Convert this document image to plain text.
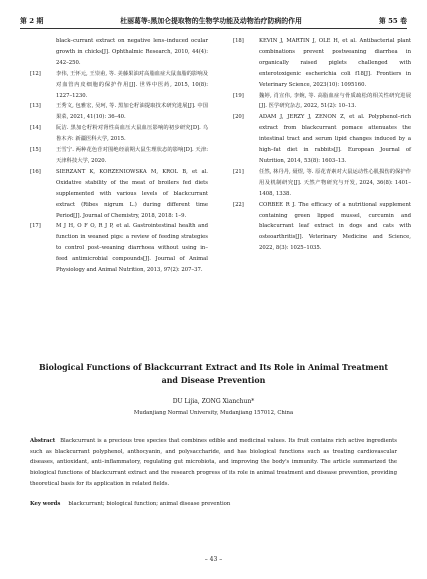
第 2 期	杜丽葛等:黑加仑提取物的生物学功能及动物治疗防病的作用	第 55 卷
black–currant extract on negative lens–induced ocular growth in chicks[J]. Ophthalmic Research, 2010, 44(4): 242–250.
[12]	李伟, 王怀元, 王崇甫, 等. 美藤果油对高脂血症大鼠血脂的影响及对血管内皮细胞的保护作用[J]. 世界中医药, 2015, 10(8): 1227–1230.
[13]	王秀文, 包雅宏, 吴珂, 等. 黑加仑籽油提取技术研究进展[J]. 中国果菜, 2021, 41(10): 36–40.
[14]	阮洁. 黑加仑籽粉对肾性高血压大鼠血压影响的初步研究[D]. 乌鲁木齐: 新疆医科大学, 2015.
[15]	王雪宁. 两种花色苷对围绝经前期大鼠生理状态的影响[D]. 天津: 天津科技大学, 2020.
[16]	SIERZANT K, KORZENIOWSKA M, KROL B, et al. Oxidative stability of the meat of broilers fed diets supplemented with various levels of blackcurrant extract (Ribes nigrum L.) during different time Period[J]. Journal of Chemistry, 2018, 2018: 1–9.
[17]	M J H, O F O, R J P, et al. Gastrointestinal health and function in weaned pigs: a review of feeding strategies to control post–weaning diarrhoea without using in–feed antimicrobial compounds[J]. Journal of Animal Physiology and Animal Nutrition, 2013, 97(2): 207–37.
[18]	KEVIN J, MARTIN J, OLE H, et al. Antibacterial plant combinations prevent postweaning diarrhea in organically raised piglets challenged with enterotoxigenic escherichia coli f18[J]. Frontiers in Veterinary Science, 2023(10): 1095160.
[19]	魏婷, 肖宣伟, 李婉, 等. 高脂血症与骨质疏松的相关性研究进展[J]. 医学研究杂志, 2022, 51(2): 10–13.
[20]	ADAM J, JERZY J, ZENON Z, et al. Polyphenol–rich extract from blackcurrant pomace attenuates the intestinal tract and serum lipid changes induced by a high–fat diet in rabbits[J]. European Journal of Nutrition, 2014, 53(8): 1603–13.
[21]	任然, 林丹丹, 聂煜, 等. 原花青素对大鼠运动性心肌损伤的保护作用及机制研究[J]. 天然产物研究与开发, 2024, 36(8): 1401–1408, 1338.
[22]	CORBEE R J. The efficacy of a nutritional supplement containing green lipped mussel, curcumin and blackcurrant leaf extract in dogs and cats with osteoarthritis[J]. Veterinary Medicine and Science, 2022, 8(3): 1025–1035.
Biological Functions of Blackcurrant Extract and Its Role in Animal Treatment and Disease Prevention
DU Lijia, ZONG Xianchun*
Mudanjiang Normal University, Mudanjiang 157012, China
Abstract Blackcurrant is a precious tree species that combines edible and medicinal values. Its fruit contains rich active ingredients such as blackcurrant polyphenol, anthocyanin, and polysaccharide, and has biological functions such as treating cardiovascular diseases, antioxidant, anti–inflammatory, regulating gut microbiota, and improving the body's immunity. The article summarized the biological functions of blackcurrant extract and the research progress of its role in animal treatment and disease prevention, providing theoretical basis for its application in related fields.
Key words blackcurrant; biological function; animal disease prevention
– 43 –
